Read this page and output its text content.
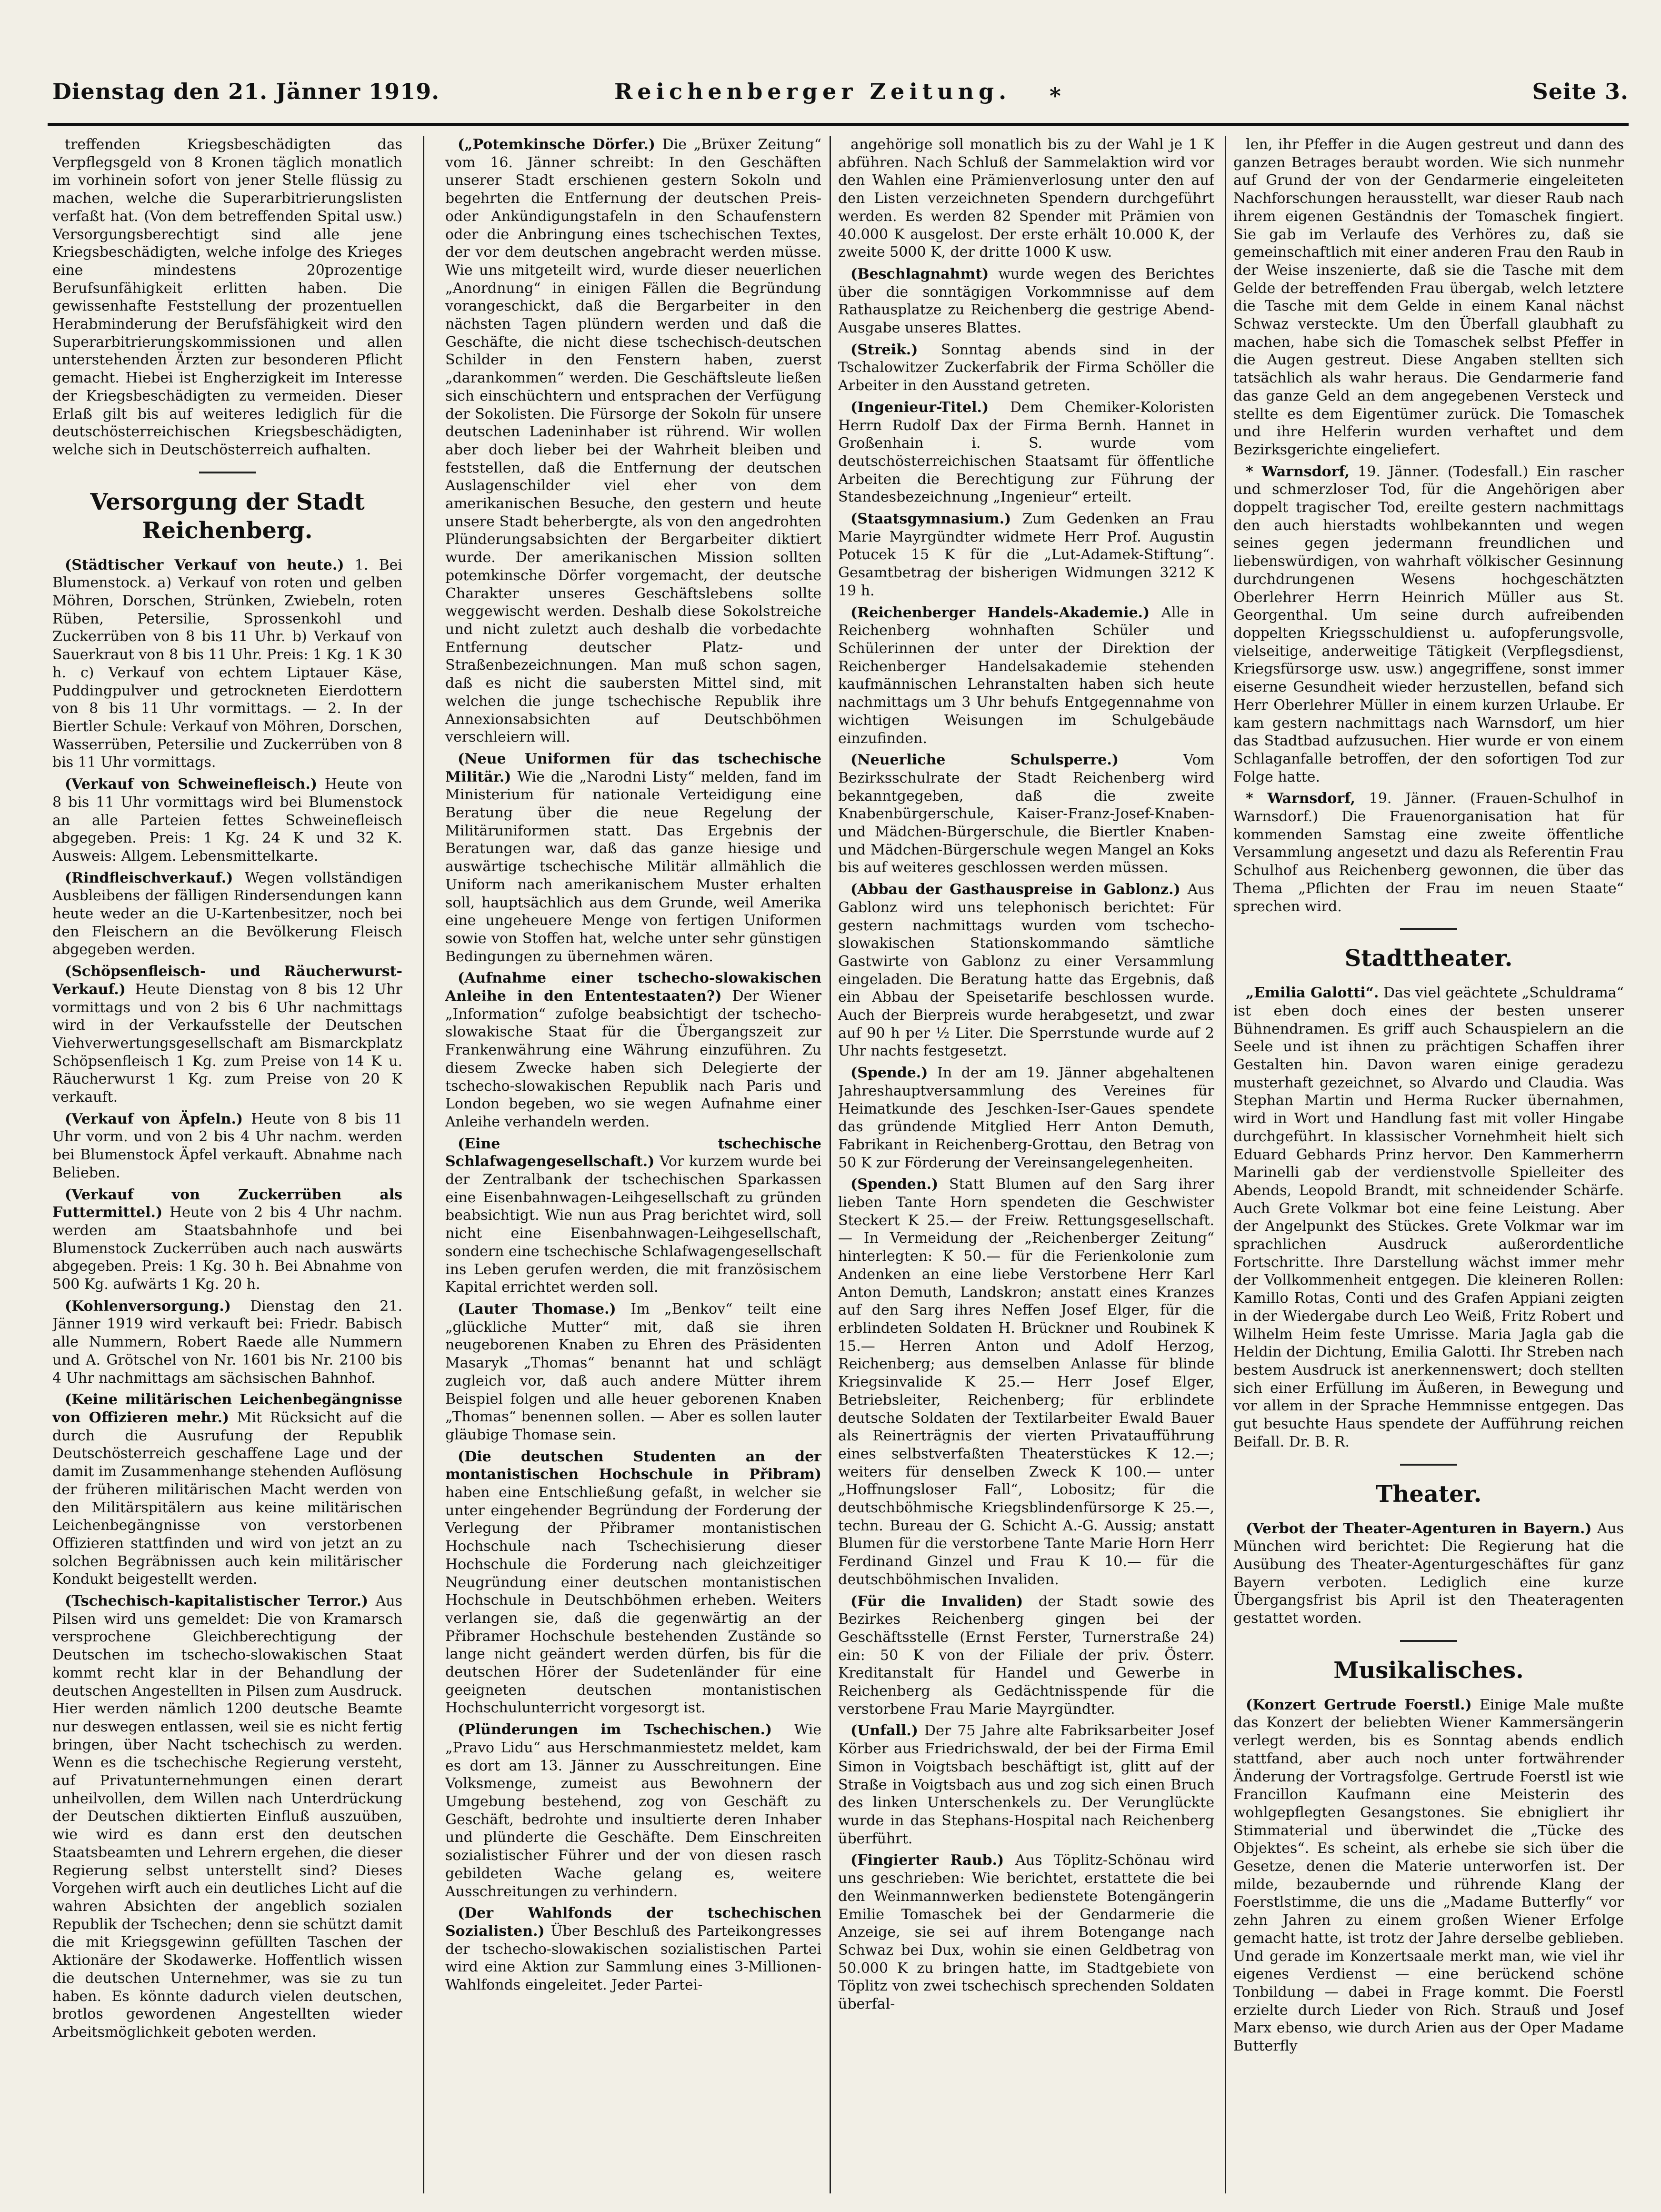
Dienstag den 21. Jänner 1919.	Reichenberger Zeitung. ∗	Seite 3.

treffenden Kriegsbeschädigten das Verpflegsgeld von 8 Kronen täglich monatlich im vorhinein sofort von jener Stelle flüssig zu machen, welche die Superarbitrierungslisten verfaßt hat. (Von dem betreffenden Spital usw.) Versorgungsberechtigt sind alle jene Kriegsbeschädigten, welche infolge des Krieges eine mindestens 20prozentige Berufsunfähigkeit erlitten haben. Die gewissenhafte Feststellung der prozentuellen Herabminderung der Berufsfähigkeit wird den Superarbitrierungskommissionen und allen unterstehenden Ärzten zur besonderen Pflicht gemacht. Hiebei ist Engherzigkeit im Interesse der Kriegsbeschädigten zu vermeiden. Dieser Erlaß gilt bis auf weiteres lediglich für die deutschösterreichischen Kriegsbeschädigten, welche sich in Deutschösterreich aufhalten.

Versorgung der Stadt Reichenberg.

(Städtischer Verkauf von heute.) 1. Bei Blumenstock. a) Verkauf von roten und gelben Möhren, Dorschen, Strünken, Zwiebeln, roten Rüben, Petersilie, Sprossenkohl und Zuckerrüben von 8 bis 11 Uhr. b) Verkauf von Sauerkraut von 8 bis 11 Uhr. Preis: 1 Kg. 1 K 30 h. c) Verkauf von echtem Liptauer Käse, Puddingpulver und getrockneten Eierdottern von 8 bis 11 Uhr vormittags. — 2. In der Biertler Schule: Verkauf von Möhren, Dorschen, Wasserrüben, Petersilie und Zuckerrüben von 8 bis 11 Uhr vormittags.

(Verkauf von Schweinefleisch.) Heute von 8 bis 11 Uhr vormittags wird bei Blumenstock an alle Parteien fettes Schweinefleisch abgegeben. Preis: 1 Kg. 24 K und 32 K. Ausweis: Allgem. Lebensmittelkarte.

(Rindfleischverkauf.) Wegen vollständigen Ausbleibens der fälligen Rindersendungen kann heute weder an die U-Kartenbesitzer, noch bei den Fleischern an die Bevölkerung Fleisch abgegeben werden.

(Schöpsenfleisch- und Räucherwurst-Verkauf.) Heute Dienstag von 8 bis 12 Uhr vormittags und von 2 bis 6 Uhr nachmittags wird in der Verkaufsstelle der Deutschen Viehverwertungsgesellschaft am Bismarckplatz Schöpsenfleisch 1 Kg. zum Preise von 14 K u. Räucherwurst 1 Kg. zum Preise von 20 K verkauft.

(Verkauf von Äpfeln.) Heute von 8 bis 11 Uhr vorm. und von 2 bis 4 Uhr nachm. werden bei Blumenstock Äpfel verkauft. Abnahme nach Belieben.

(Verkauf von Zuckerrüben als Futtermittel.) Heute von 2 bis 4 Uhr nachm. werden am Staatsbahnhofe und bei Blumenstock Zuckerrüben auch nach auswärts abgegeben. Preis: 1 Kg. 30 h. Bei Abnahme von 500 Kg. aufwärts 1 Kg. 20 h.

(Kohlenversorgung.) Dienstag den 21. Jänner 1919 wird verkauft bei: Friedr. Babisch alle Nummern, Robert Raede alle Nummern und A. Grötschel von Nr. 1601 bis Nr. 2100 bis 4 Uhr nachmittags am sächsischen Bahnhof.

(Keine militärischen Leichenbegängnisse von Offizieren mehr.) Mit Rücksicht auf die durch die Ausrufung der Republik Deutschösterreich geschaffene Lage und der damit im Zusammenhange stehenden Auflösung der früheren militärischen Macht werden von den Militärspitälern aus keine militärischen Leichenbegängnisse von verstorbenen Offizieren stattfinden und wird von jetzt an zu solchen Begräbnissen auch kein militärischer Kondukt beigestellt werden.

(Tschechisch-kapitalistischer Terror.) Aus Pilsen wird uns gemeldet: Die von Kramarsch versprochene Gleichberechtigung der Deutschen im tschecho-slowakischen Staat kommt recht klar in der Behandlung der deutschen Angestellten in Pilsen zum Ausdruck. Hier werden nämlich 1200 deutsche Beamte nur deswegen entlassen, weil sie es nicht fertig bringen, über Nacht tschechisch zu werden. Wenn es die tschechische Regierung versteht, auf Privatunternehmungen einen derart unheilvollen, dem Willen nach Unterdrückung der Deutschen diktierten Einfluß auszuüben, wie wird es dann erst den deutschen Staatsbeamten und Lehrern ergehen, die dieser Regierung selbst unterstellt sind? Dieses Vorgehen wirft auch ein deutliches Licht auf die wahren Absichten der angeblich sozialen Republik der Tschechen; denn sie schützt damit die mit Kriegsgewinn gefüllten Taschen der Aktionäre der Skodawerke. Hoffentlich wissen die deutschen Unternehmer, was sie zu tun haben. Es könnte dadurch vielen deutschen, brotlos gewordenen Angestellten wieder Arbeitsmöglichkeit geboten werden.

(„Potemkinsche Dörfer.) Die „Brüxer Zeitung“ vom 16. Jänner schreibt: In den Geschäften unserer Stadt erschienen gestern Sokoln und begehrten die Entfernung der deutschen Preis- oder Ankündigungstafeln in den Schaufenstern oder die Anbringung eines tschechischen Textes, der vor dem deutschen angebracht werden müsse. Wie uns mitgeteilt wird, wurde dieser neuerlichen „Anordnung“ in einigen Fällen die Begründung vorangeschickt, daß die Bergarbeiter in den nächsten Tagen plündern werden und daß die Geschäfte, die nicht diese tschechisch-deutschen Schilder in den Fenstern haben, zuerst „darankommen“ werden. Die Geschäftsleute ließen sich einschüchtern und entsprachen der Verfügung der Sokolisten. Die Fürsorge der Sokoln für unsere deutschen Ladeninhaber ist rührend. Wir wollen aber doch lieber bei der Wahrheit bleiben und feststellen, daß die Entfernung der deutschen Auslagenschilder viel eher von dem amerikanischen Besuche, den gestern und heute unsere Stadt beherbergte, als von den angedrohten Plünderungsabsichten der Bergarbeiter diktiert wurde. Der amerikanischen Mission sollten potemkinsche Dörfer vorgemacht, der deutsche Charakter unseres Geschäftslebens sollte weggewischt werden. Deshalb diese Sokolstreiche und nicht zuletzt auch deshalb die vorbedachte Entfernung deutscher Platz- und Straßenbezeichnungen. Man muß schon sagen, daß es nicht die saubersten Mittel sind, mit welchen die junge tschechische Republik ihre Annexionsabsichten auf Deutschböhmen verschleiern will.

(Neue Uniformen für das tschechische Militär.) Wie die „Narodni Listy“ melden, fand im Ministerium für nationale Verteidigung eine Beratung über die neue Regelung der Militäruniformen statt. Das Ergebnis der Beratungen war, daß das ganze hiesige und auswärtige tschechische Militär allmählich die Uniform nach amerikanischem Muster erhalten soll, hauptsächlich aus dem Grunde, weil Amerika eine ungeheuere Menge von fertigen Uniformen sowie von Stoffen hat, welche unter sehr günstigen Bedingungen zu übernehmen wären.

(Aufnahme einer tschecho-slowakischen Anleihe in den Ententestaaten?) Der Wiener „Information“ zufolge beabsichtigt der tschecho-slowakische Staat für die Übergangszeit zur Frankenwährung eine Währung einzuführen. Zu diesem Zwecke haben sich Delegierte der tschecho-slowakischen Republik nach Paris und London begeben, wo sie wegen Aufnahme einer Anleihe verhandeln werden.

(Eine tschechische Schlafwagengesellschaft.) Vor kurzem wurde bei der Zentralbank der tschechischen Sparkassen eine Eisenbahnwagen-Leihgesellschaft zu gründen beabsichtigt. Wie nun aus Prag berichtet wird, soll nicht eine Eisenbahnwagen-Leihgesellschaft, sondern eine tschechische Schlafwagengesellschaft ins Leben gerufen werden, die mit französischem Kapital errichtet werden soll.

(Lauter Thomase.) Im „Benkov“ teilt eine „glückliche Mutter“ mit, daß sie ihren neugeborenen Knaben zu Ehren des Präsidenten Masaryk „Thomas“ benannt hat und schlägt zugleich vor, daß auch andere Mütter ihrem Beispiel folgen und alle heuer geborenen Knaben „Thomas“ benennen sollen. — Aber es sollen lauter gläubige Thomase sein.

(Die deutschen Studenten an der montanistischen Hochschule in Přibram) haben eine Entschließung gefaßt, in welcher sie unter eingehender Begründung der Forderung der Verlegung der Přibramer montanistischen Hochschule nach Tschechisierung dieser Hochschule die Forderung nach gleichzeitiger Neugründung einer deutschen montanistischen Hochschule in Deutschböhmen erheben. Weiters verlangen sie, daß die gegenwärtig an der Přibramer Hochschule bestehenden Zustände so lange nicht geändert werden dürfen, bis für die deutschen Hörer der Sudetenländer für eine geeigneten deutschen montanistischen Hochschulunterricht vorgesorgt ist.

(Plünderungen im Tschechischen.) Wie „Pravo Lidu“ aus Herschmanmiestetz meldet, kam es dort am 13. Jänner zu Ausschreitungen. Eine Volksmenge, zumeist aus Bewohnern der Umgebung bestehend, zog von Geschäft zu Geschäft, bedrohte und insultierte deren Inhaber und plünderte die Geschäfte. Dem Einschreiten sozialistischer Führer und der von diesen rasch gebildeten Wache gelang es, weitere Ausschreitungen zu verhindern.

(Der Wahlfonds der tschechischen Sozialisten.) Über Beschluß des Parteikongresses der tschecho-slowakischen sozialistischen Partei wird eine Aktion zur Sammlung eines 3-Millionen-Wahlfonds eingeleitet. Jeder Partei-

angehörige soll monatlich bis zu der Wahl je 1 K abführen. Nach Schluß der Sammelaktion wird vor den Wahlen eine Prämienverlosung unter den auf den Listen verzeichneten Spendern durchgeführt werden. Es werden 82 Spender mit Prämien von 40.000 K ausgelost. Der erste erhält 10.000 K, der zweite 5000 K, der dritte 1000 K usw.

(Beschlagnahmt) wurde wegen des Berichtes über die sonntägigen Vorkommnisse auf dem Rathausplatze zu Reichenberg die gestrige Abend-Ausgabe unseres Blattes.

(Streik.) Sonntag abends sind in der Tschalowitzer Zuckerfabrik der Firma Schöller die Arbeiter in den Ausstand getreten.

(Ingenieur-Titel.) Dem Chemiker-Koloristen Herrn Rudolf Dax der Firma Bernh. Hannet in Großenhain i. S. wurde vom deutschösterreichischen Staatsamt für öffentliche Arbeiten die Berechtigung zur Führung der Standesbezeichnung „Ingenieur“ erteilt.

(Staatsgymnasium.) Zum Gedenken an Frau Marie Mayrgündter widmete Herr Prof. Augustin Potucek 15 K für die „Lut-Adamek-Stiftung“. Gesamtbetrag der bisherigen Widmungen 3212 K 19 h.

(Reichenberger Handels-Akademie.) Alle in Reichenberg wohnhaften Schüler und Schülerinnen der unter der Direktion der Reichenberger Handelsakademie stehenden kaufmännischen Lehranstalten haben sich heute nachmittags um 3 Uhr behufs Entgegennahme von wichtigen Weisungen im Schulgebäude einzufinden.

(Neuerliche Schulsperre.)	Vom Bezirksschulrate der Stadt Reichenberg wird bekanntgegeben, daß die zweite Knabenbürgerschule, Kaiser-Franz-Josef-Knaben- und Mädchen-Bürgerschule, die Biertler Knaben- und Mädchen-Bürgerschule wegen Mangel an Koks bis auf weiteres geschlossen werden müssen.

(Abbau der Gasthauspreise in Gablonz.) Aus Gablonz wird uns telephonisch berichtet: Für gestern nachmittags wurden vom tschecho-slowakischen Stationskommando sämtliche Gastwirte von Gablonz zu einer Versammlung eingeladen. Die Beratung hatte das Ergebnis, daß ein Abbau der Speisetarife beschlossen wurde. Auch der Bierpreis wurde herabgesetzt, und zwar auf 90 h per ½ Liter. Die Sperrstunde wurde auf 2 Uhr nachts festgesetzt.

(Spende.) In der am 19. Jänner abgehaltenen Jahreshauptversammlung des Vereines für Heimatkunde des Jeschken-Iser-Gaues spendete das gründende Mitglied Herr Anton Demuth, Fabrikant in Reichenberg-Grottau, den Betrag von 50 K zur Förderung der Vereinsangelegenheiten.

(Spenden.) Statt Blumen auf den Sarg ihrer lieben Tante Horn spendeten die Geschwister Steckert K 25.— der Freiw. Rettungsgesellschaft. — In Vermeidung der „Reichenberger Zeitung“ hinterlegten: K 50.— für die Ferienkolonie zum Andenken an eine liebe Verstorbene Herr Karl Anton Demuth, Landskron; anstatt eines Kranzes auf den Sarg ihres Neffen Josef Elger, für die erblindeten Soldaten H. Brückner und Roubinek K 15.— Herren Anton und Adolf Herzog, Reichenberg; aus demselben Anlasse für blinde Kriegsinvalide K 25.— Herr Josef Elger, Betriebsleiter, Reichenberg; für erblindete deutsche Soldaten der Textilarbeiter Ewald Bauer als Reinerträgnis der vierten Privataufführung eines selbstverfaßten Theaterstückes K 12.—; weiters für denselben Zweck K 100.— unter „Hoffnungsloser Fall“, Lobositz; für die deutschböhmische Kriegsblindenfürsorge K 25.—, techn. Bureau der G. Schicht A.-G. Aussig; anstatt Blumen für die verstorbene Tante Marie Horn Herr Ferdinand Ginzel und Frau K 10.— für die deutschböhmischen Invaliden.

(Für die Invaliden) der Stadt sowie des Bezirkes Reichenberg gingen bei der Geschäftsstelle (Ernst Ferster, Turnerstraße 24) ein: 50 K von der Filiale der priv. Österr. Kreditanstalt für Handel und Gewerbe in Reichenberg als Gedächtnisspende für die verstorbene Frau Marie Mayrgündter.

(Unfall.) Der 75 Jahre alte Fabriksarbeiter Josef Körber aus Friedrichswald, der bei der Firma Emil Simon in Voigtsbach beschäftigt ist, glitt auf der Straße in Voigtsbach aus und zog sich einen Bruch des linken Unterschenkels zu. Der Verunglückte wurde in das Stephans-Hospital nach Reichenberg überführt.

(Fingierter Raub.) Aus Töplitz-Schönau wird uns geschrieben: Wie berichtet, erstattete die bei den Weinmannwerken bedienstete Botengängerin Emilie Tomaschek bei der Gendarmerie die Anzeige, sie sei auf ihrem Botengange nach Schwaz bei Dux, wohin sie einen Geldbetrag von 50.000 K zu bringen hatte, im Stadtgebiete von Töplitz von zwei tschechisch sprechenden Soldaten überfal-

len, ihr Pfeffer in die Augen gestreut und dann des ganzen Betrages beraubt worden. Wie sich nunmehr auf Grund der von der Gendarmerie eingeleiteten Nachforschungen herausstellt, war dieser Raub nach ihrem eigenen Geständnis der Tomaschek fingiert. Sie gab im Verlaufe des Verhöres zu, daß sie gemeinschaftlich mit einer anderen Frau den Raub in der Weise inszenierte, daß sie die Tasche mit dem Gelde der betreffenden Frau übergab, welch letztere die Tasche mit dem Gelde in einem Kanal nächst Schwaz versteckte. Um den Überfall glaubhaft zu machen, habe sich die Tomaschek selbst Pfeffer in die Augen gestreut. Diese Angaben stellten sich tatsächlich als wahr heraus. Die Gendarmerie fand das ganze Geld an dem angegebenen Versteck und stellte es dem Eigentümer zurück. Die Tomaschek und ihre Helferin wurden verhaftet und dem Bezirksgerichte eingeliefert.

* Warnsdorf, 19. Jänner. (Todesfall.) Ein rascher und schmerzloser Tod, für die Angehörigen aber doppelt tragischer Tod, ereilte gestern nachmittags den auch hierstadts wohlbekannten und wegen seines gegen jedermann freundlichen und liebenswürdigen, von wahrhaft völkischer Gesinnung durchdrungenen Wesens hochgeschätzten Oberlehrer Herrn Heinrich Müller aus St. Georgenthal. Um seine durch aufreibenden doppelten Kriegsschuldienst u. aufopferungsvolle, vielseitige, anderweitige Tätigkeit (Verpflegsdienst, Kriegsfürsorge usw. usw.) angegriffene, sonst immer eiserne Gesundheit wieder herzustellen, befand sich Herr Oberlehrer Müller in einem kurzen Urlaube. Er kam gestern nachmittags nach Warnsdorf, um hier das Stadtbad aufzusuchen. Hier wurde er von einem Schlaganfalle betroffen, der den sofortigen Tod zur Folge hatte.

* Warnsdorf, 19. Jänner. (Frauen-Schulhof in Warnsdorf.) Die Frauenorganisation hat für kommenden Samstag eine zweite öffentliche Versammlung angesetzt und dazu als Referentin Frau Schulhof aus Reichenberg gewonnen, die über das Thema „Pflichten der Frau im neuen Staate“ sprechen wird.

Stadttheater.

„Emilia Galotti“. Das viel geächtete „Schuldrama“ ist eben doch eines der besten unserer Bühnendramen. Es griff auch Schauspielern an die Seele und ist ihnen zu prächtigen Schaffen ihrer Gestalten hin. Davon waren einige geradezu musterhaft gezeichnet, so Alvardo und Claudia. Was Stephan Martin und Herma Rucker übernahmen, wird in Wort und Handlung fast mit voller Hingabe durchgeführt. In klassischer Vornehmheit hielt sich Eduard Gebhards Prinz hervor. Den Kammerherrn Marinelli gab der verdienstvolle Spielleiter des Abends, Leopold Brandt, mit schneidender Schärfe. Auch Grete Volkmar bot eine feine Leistung. Aber der Angelpunkt des Stückes. Grete Volkmar war im sprachlichen Ausdruck außerordentliche Fortschritte. Ihre Darstellung wächst immer mehr der Vollkommenheit entgegen. Die kleineren Rollen: Kamillo Rotas, Conti und des Grafen Appiani zeigten in der Wiedergabe durch Leo Weiß, Fritz Robert und Wilhelm Heim feste Umrisse. Maria Jagla gab die Heldin der Dichtung, Emilia Galotti. Ihr Streben nach bestem Ausdruck ist anerkennenswert; doch stellten sich einer Erfüllung im Äußeren, in Bewegung und vor allem in der Sprache Hemmnisse entgegen. Das gut besuchte Haus spendete der Aufführung reichen Beifall. Dr. B. R.

Theater.

(Verbot der Theater-Agenturen in Bayern.) Aus München wird berichtet: Die Regierung hat die Ausübung des Theater-Agenturgeschäftes für ganz Bayern verboten. Lediglich eine kurze Übergangsfrist bis April ist den Theateragenten gestattet worden.

Musikalisches.

(Konzert Gertrude Foerstl.) Einige Male mußte das Konzert der beliebten Wiener Kammersängerin verlegt werden, bis es Sonntag abends endlich stattfand, aber auch noch unter fortwährender Änderung der Vortragsfolge. Gertrude Foerstl ist wie Francillon Kaufmann eine Meisterin des wohlgepflegten Gesangstones. Sie ebnigliert ihr Stimmaterial und überwindet die „Tücke des Objektes“. Es scheint, als erhebe sie sich über die Gesetze, denen die Materie unterworfen ist. Der milde, bezaubernde und rührende Klang der Foerstlstimme, die uns die „Madame Butterfly“ vor zehn Jahren zu einem großen Wiener Erfolge gemacht hatte, ist trotz der Jahre derselbe geblieben. Und gerade im Konzertsaale merkt man, wie viel ihr eigenes Verdienst — eine berückend schöne Tonbildung — dabei in Frage kommt. Die Foerstl erzielte durch Lieder von Rich. Strauß und Josef Marx ebenso, wie durch Arien aus der Oper Madame Butterfly
